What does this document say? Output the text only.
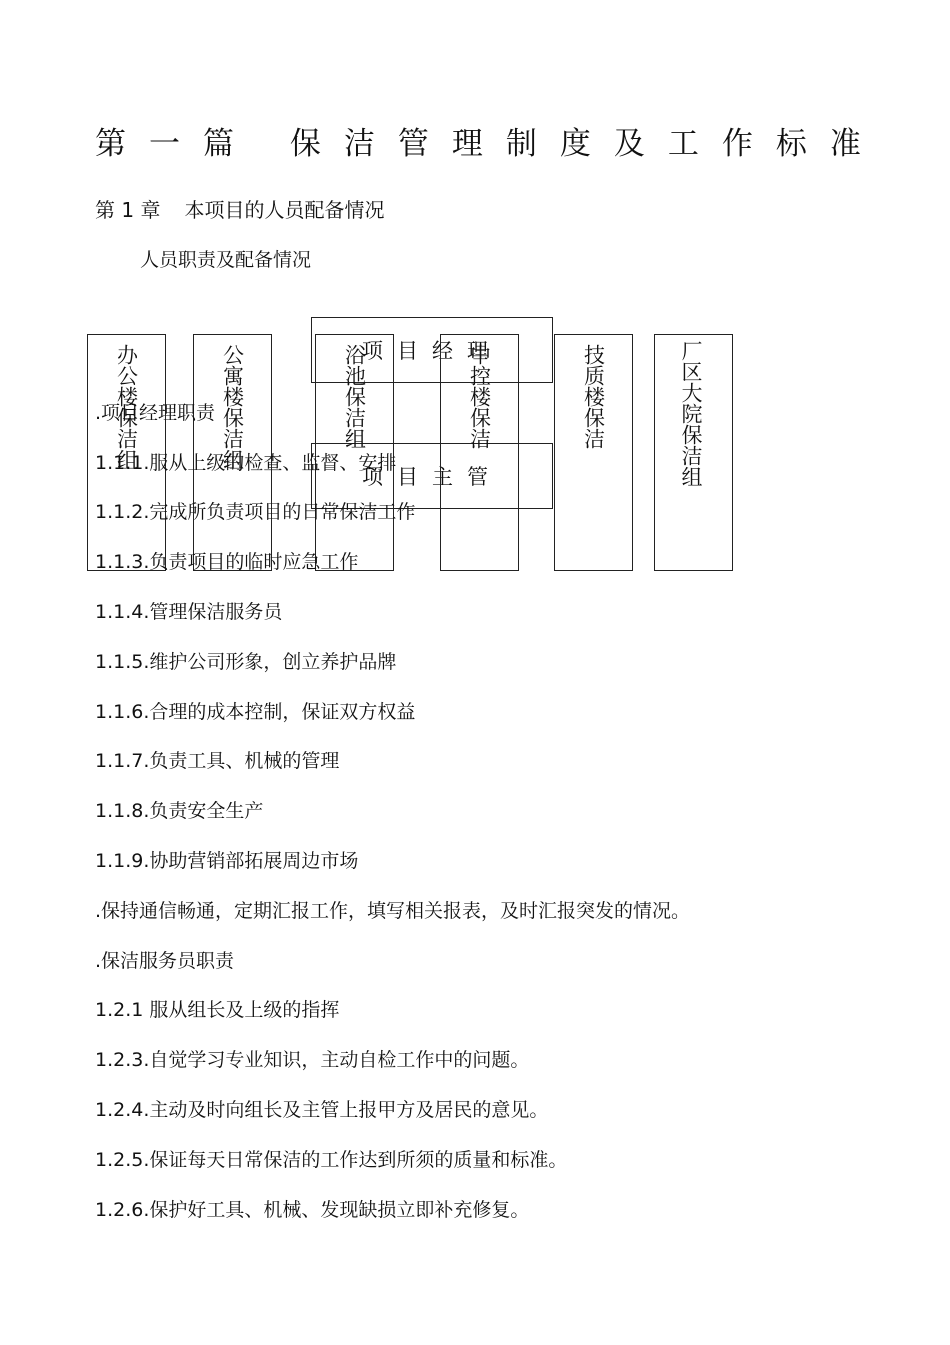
第一篇 保洁管理制度及工作标准
第 1 章 本项目的人员配备情况
人员职责及配备情况
项目经理
项目主管
办公楼保洁组	公寓楼保洁组	浴池保洁组	中控楼保洁	技质楼保洁	厂区大院保洁组
.项目经理职责
1.1.1.服从上级的检查、监督、安排
1.1.2.完成所负责项目的日常保洁工作
1.1.3.负责项目的临时应急工作
1.1.4.管理保洁服务员
1.1.5.维护公司形象，创立养护品牌
1.1.6.合理的成本控制，保证双方权益
1.1.7.负责工具、机械的管理
1.1.8.负责安全生产
1.1.9.协助营销部拓展周边市场
.保持通信畅通，定期汇报工作，填写相关报表，及时汇报突发的情况。
.保洁服务员职责
1.2.1 服从组长及上级的指挥
1.2.3.自觉学习专业知识，主动自检工作中的问题。
1.2.4.主动及时向组长及主管上报甲方及居民的意见。
1.2.5.保证每天日常保洁的工作达到所须的质量和标准。
1.2.6.保护好工具、机械、发现缺损立即补充修复。
